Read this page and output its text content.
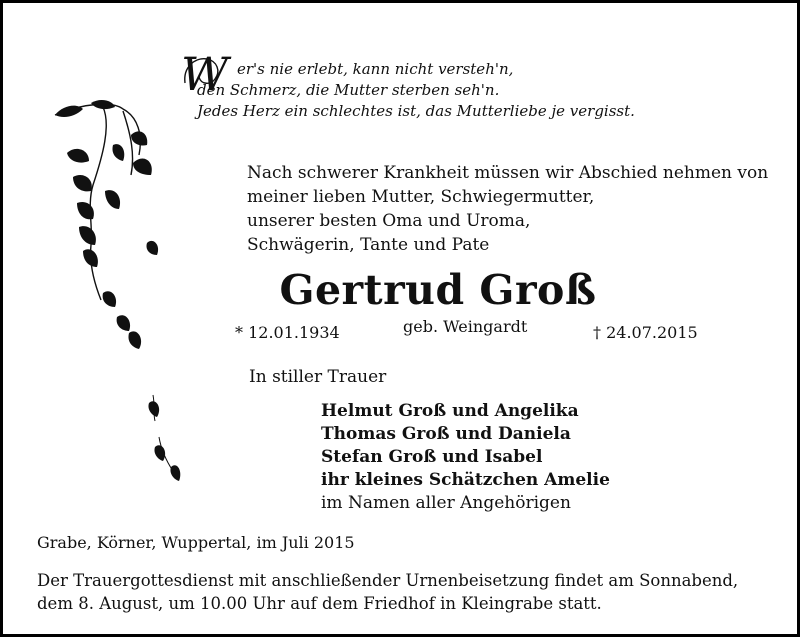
W er's nie erlebt, kann nicht versteh'n,
den Schmerz, die Mutter sterben seh'n.
Jedes Herz ein schlechtes ist, das Mutterliebe je vergisst.
Nach schwerer Krankheit müssen wir Abschied nehmen von
meiner lieben Mutter, Schwiegermutter,
unserer besten Oma und Uroma,
Schwägerin, Tante und Pate
Gertrud Groß
* 12.01.1934	geb. Weingardt	† 24.07.2015
In stiller Trauer
Helmut Groß und Angelika
Thomas Groß und Daniela
Stefan Groß und Isabel
ihr kleines Schätzchen Amelie
im Namen aller Angehörigen
Grabe, Körner, Wuppertal, im Juli 2015
Der Trauergottesdienst mit anschließender Urnenbeisetzung findet am Sonnabend,
dem 8. August, um 10.00 Uhr auf dem Friedhof in Kleingrabe statt.
